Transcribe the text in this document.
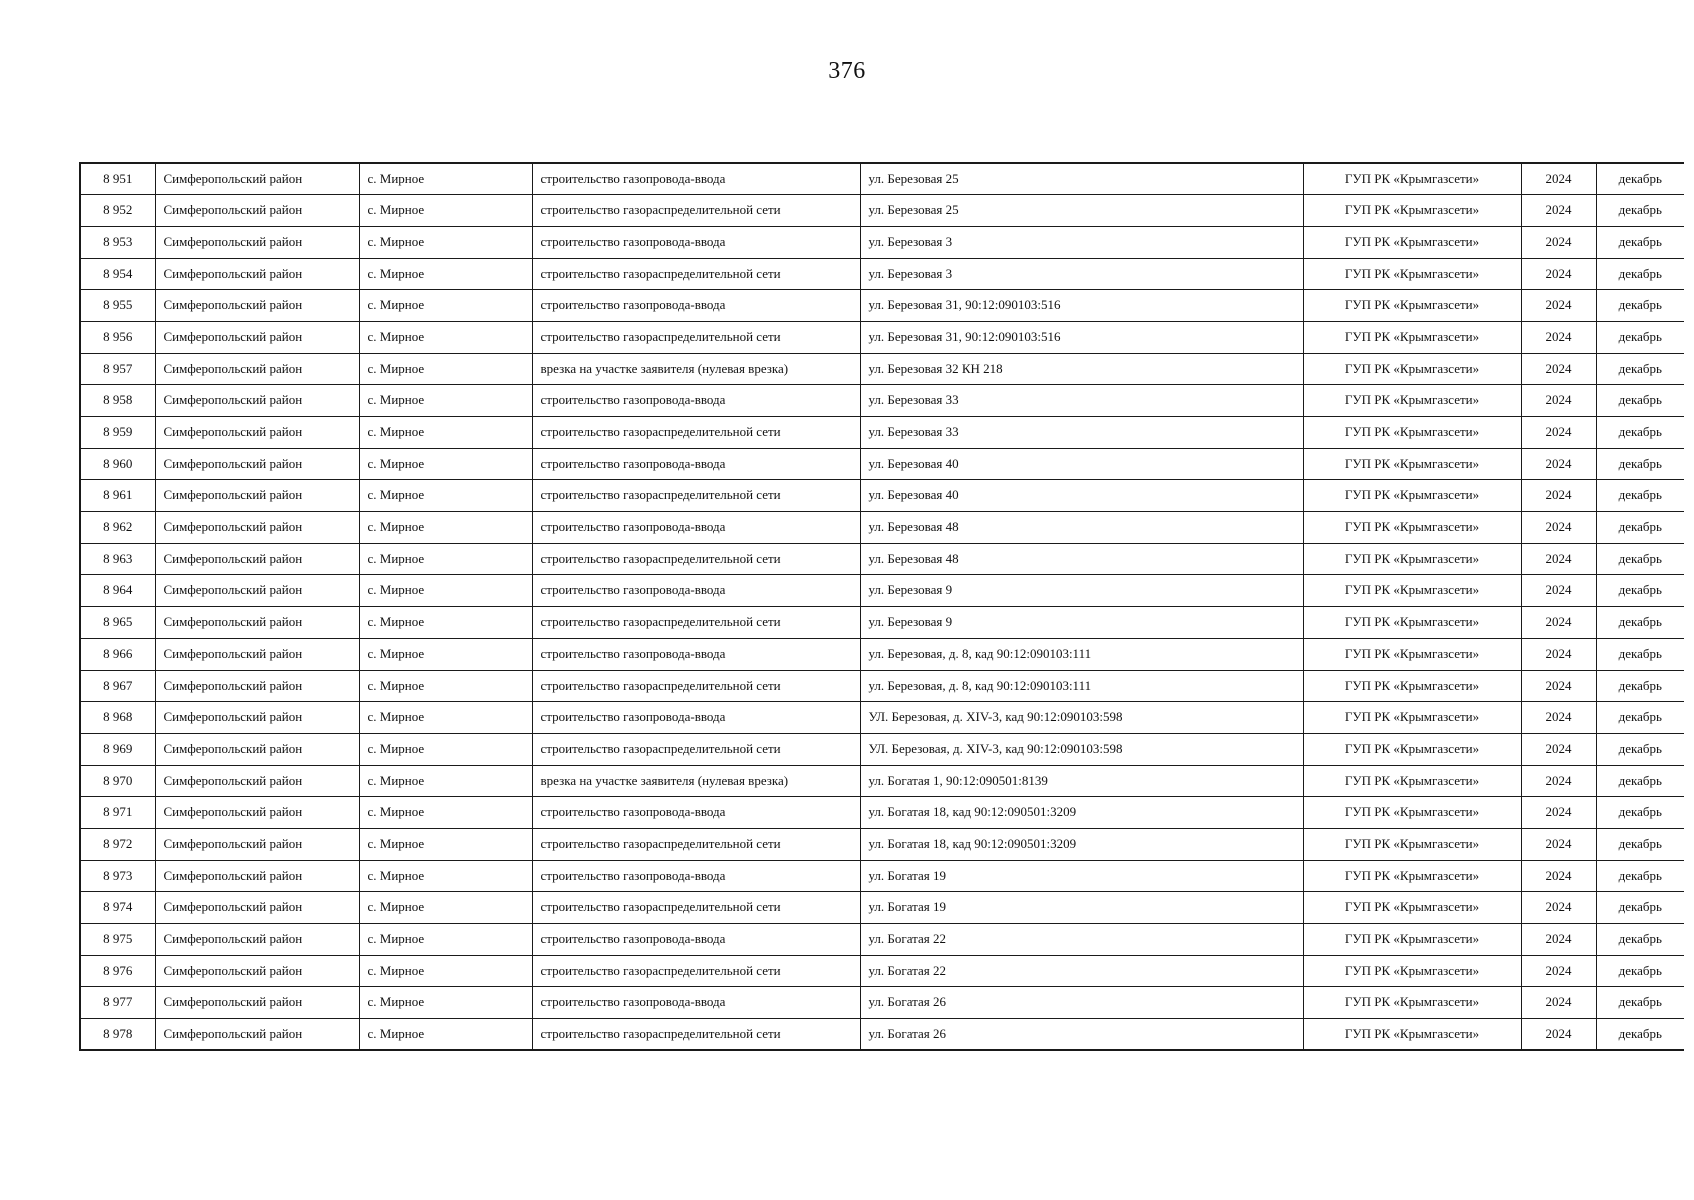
376
8 951	Симферопольский район	с. Мирное	строительство газопровода-ввода	ул. Березовая 25	ГУП РК «Крымгазсети»	2024	декабрь
8 952	Симферопольский район	с. Мирное	строительство газораспределительной сети	ул. Березовая 25	ГУП РК «Крымгазсети»	2024	декабрь
8 953	Симферопольский район	с. Мирное	строительство газопровода-ввода	ул. Березовая 3	ГУП РК «Крымгазсети»	2024	декабрь
8 954	Симферопольский район	с. Мирное	строительство газораспределительной сети	ул. Березовая 3	ГУП РК «Крымгазсети»	2024	декабрь
8 955	Симферопольский район	с. Мирное	строительство газопровода-ввода	ул. Березовая 31, 90:12:090103:516	ГУП РК «Крымгазсети»	2024	декабрь
8 956	Симферопольский район	с. Мирное	строительство газораспределительной сети	ул. Березовая 31, 90:12:090103:516	ГУП РК «Крымгазсети»	2024	декабрь
8 957	Симферопольский район	с. Мирное	врезка на участке заявителя (нулевая врезка)	ул. Березовая 32 КН 218	ГУП РК «Крымгазсети»	2024	декабрь
8 958	Симферопольский район	с. Мирное	строительство газопровода-ввода	ул. Березовая 33	ГУП РК «Крымгазсети»	2024	декабрь
8 959	Симферопольский район	с. Мирное	строительство газораспределительной сети	ул. Березовая 33	ГУП РК «Крымгазсети»	2024	декабрь
8 960	Симферопольский район	с. Мирное	строительство газопровода-ввода	ул. Березовая 40	ГУП РК «Крымгазсети»	2024	декабрь
8 961	Симферопольский район	с. Мирное	строительство газораспределительной сети	ул. Березовая 40	ГУП РК «Крымгазсети»	2024	декабрь
8 962	Симферопольский район	с. Мирное	строительство газопровода-ввода	ул. Березовая 48	ГУП РК «Крымгазсети»	2024	декабрь
8 963	Симферопольский район	с. Мирное	строительство газораспределительной сети	ул. Березовая 48	ГУП РК «Крымгазсети»	2024	декабрь
8 964	Симферопольский район	с. Мирное	строительство газопровода-ввода	ул. Березовая 9	ГУП РК «Крымгазсети»	2024	декабрь
8 965	Симферопольский район	с. Мирное	строительство газораспределительной сети	ул. Березовая 9	ГУП РК «Крымгазсети»	2024	декабрь
8 966	Симферопольский район	с. Мирное	строительство газопровода-ввода	ул. Березовая, д. 8, кад 90:12:090103:111	ГУП РК «Крымгазсети»	2024	декабрь
8 967	Симферопольский район	с. Мирное	строительство газораспределительной сети	ул. Березовая, д. 8, кад 90:12:090103:111	ГУП РК «Крымгазсети»	2024	декабрь
8 968	Симферопольский район	с. Мирное	строительство газопровода-ввода	УЛ. Березовая, д. XIV-3, кад 90:12:090103:598	ГУП РК «Крымгазсети»	2024	декабрь
8 969	Симферопольский район	с. Мирное	строительство газораспределительной сети	УЛ. Березовая, д. XIV-3, кад 90:12:090103:598	ГУП РК «Крымгазсети»	2024	декабрь
8 970	Симферопольский район	с. Мирное	врезка на участке заявителя (нулевая врезка)	ул. Богатая 1, 90:12:090501:8139	ГУП РК «Крымгазсети»	2024	декабрь
8 971	Симферопольский район	с. Мирное	строительство газопровода-ввода	ул. Богатая 18, кад 90:12:090501:3209	ГУП РК «Крымгазсети»	2024	декабрь
8 972	Симферопольский район	с. Мирное	строительство газораспределительной сети	ул. Богатая 18, кад 90:12:090501:3209	ГУП РК «Крымгазсети»	2024	декабрь
8 973	Симферопольский район	с. Мирное	строительство газопровода-ввода	ул. Богатая 19	ГУП РК «Крымгазсети»	2024	декабрь
8 974	Симферопольский район	с. Мирное	строительство газораспределительной сети	ул. Богатая 19	ГУП РК «Крымгазсети»	2024	декабрь
8 975	Симферопольский район	с. Мирное	строительство газопровода-ввода	ул. Богатая 22	ГУП РК «Крымгазсети»	2024	декабрь
8 976	Симферопольский район	с. Мирное	строительство газораспределительной сети	ул. Богатая 22	ГУП РК «Крымгазсети»	2024	декабрь
8 977	Симферопольский район	с. Мирное	строительство газопровода-ввода	ул. Богатая 26	ГУП РК «Крымгазсети»	2024	декабрь
8 978	Симферопольский район	с. Мирное	строительство газораспределительной сети	ул. Богатая 26	ГУП РК «Крымгазсети»	2024	декабрь
